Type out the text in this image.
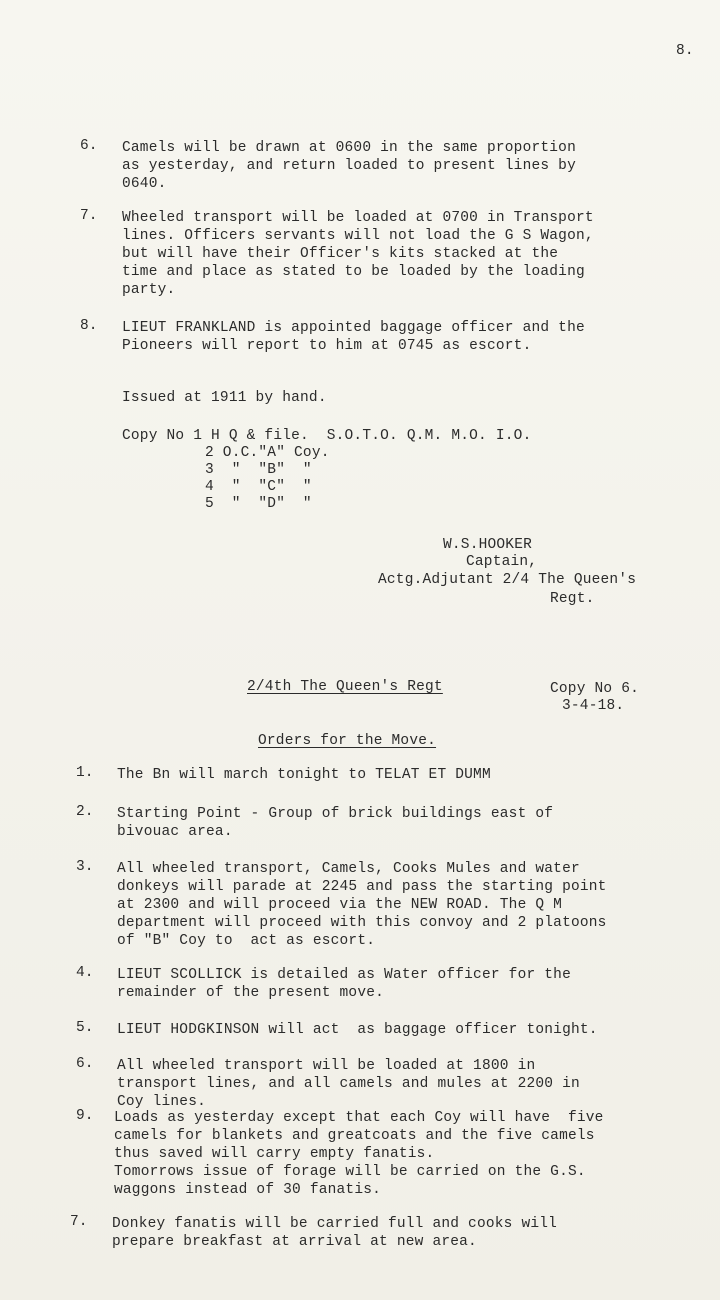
8.
6. Camels will be drawn at 0600 in the same proportion
as yesterday, and return loaded to present lines by
0640.
7. Wheeled transport will be loaded at 0700 in Transport
lines. Officers servants will not load the G S Wagon,
but will have their Officer's kits stacked at the
time and place as stated to be loaded by the loading
party.
8. LIEUT FRANKLAND is appointed baggage officer and the
Pioneers will report to him at 0745 as escort.
Issued at 1911 by hand.
Copy No 1 H Q & file.  S.O.T.O. Q.M. M.O. I.O.
2 O.C."A" Coy.
3  "  "B"  "
4  "  "C"  "
5  "  "D"  "
W.S.HOOKER
Captain,
Actg.Adjutant 2/4 The Queen's
Regt.
2/4th The Queen's Regt	Copy No 6.
3-4-18.
Orders for the Move.
1. The Bn will march tonight to TELAT ET DUMM
2. Starting Point - Group of brick buildings east of
bivouac area.
3. All wheeled transport, Camels, Cooks Mules and water
donkeys will parade at 2245 and pass the starting point
at 2300 and will proceed via the NEW ROAD. The Q M
department will proceed with this convoy and 2 platoons
of "B" Coy to  act as escort.
4. LIEUT SCOLLICK is detailed as Water officer for the
remainder of the present move.
5. LIEUT HODGKINSON will act  as baggage officer tonight.
6. All wheeled transport will be loaded at 1800 in
transport lines, and all camels and mules at 2200 in
Coy lines.
9. Loads as yesterday except that each Coy will have  five
camels for blankets and greatcoats and the five camels
thus saved will carry empty fanatis.
Tomorrows issue of forage will be carried on the G.S.
waggons instead of 30 fanatis.
7. Donkey fanatis will be carried full and cooks will
prepare breakfast at arrival at new area.
